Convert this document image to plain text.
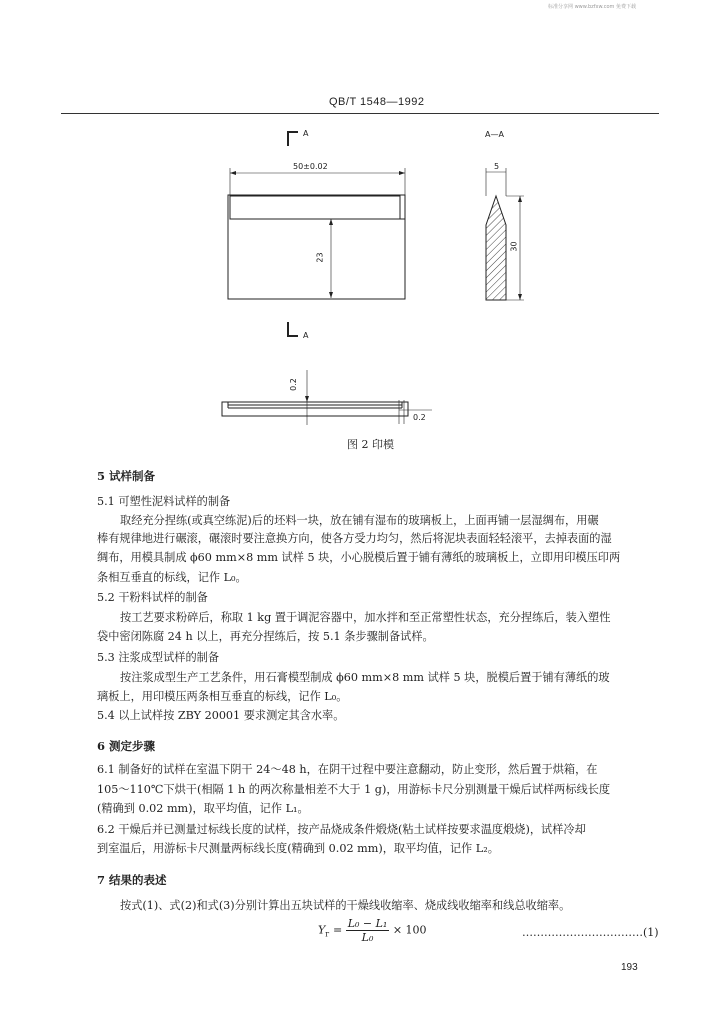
标准分享网 www.bzfxw.com 免费下载
QB/T 1548—1992
A
A
A—A
50±0.02
23
5
30
0.2
0.2
图 2 印模
5 试样制备
5.1 可塑性泥料试样的制备
取经充分捏练(或真空练泥)后的坯料一块，放在铺有湿布的玻璃板上，上面再铺一层湿绸布，用碾
棒有规律地进行碾滚，碾滚时要注意换方向，使各方受力均匀，然后将泥块表面轻轻滚平，去掉表面的湿
绸布，用模具制成 ϕ60 mm×8 mm 试样 5 块，小心脱模后置于铺有薄纸的玻璃板上，立即用印模压印两
条相互垂直的标线，记作 L₀。
5.2 干粉料试样的制备
按工艺要求粉碎后，称取 1 kg 置于调泥容器中，加水拌和至正常塑性状态，充分捏练后，装入塑性
袋中密闭陈腐 24 h 以上，再充分捏练后，按 5.1 条步骤制备试样。
5.3 注浆成型试样的制备
按注浆成型生产工艺条件，用石膏模型制成 ϕ60 mm×8 mm 试样 5 块，脱模后置于铺有薄纸的玻
璃板上，用印模压两条相互垂直的标线，记作 L₀。
5.4 以上试样按 ZBY 20001 要求测定其含水率。
6 测定步骤
6.1 制备好的试样在室温下阴干 24～48 h，在阴干过程中要注意翻动，防止变形，然后置于烘箱，在
105～110℃下烘干(相隔 1 h 的两次称量相差不大于 1 g)，用游标卡尺分别测量干燥后试样两标线长度
(精确到 0.02 mm)，取平均值，记作 L₁。
6.2 干燥后并已测量过标线长度的试样，按产品烧成条件煅烧(粘土试样按要求温度煅烧)，试样冷却
到室温后，用游标卡尺测量两标线长度(精确到 0.02 mm)，取平均值，记作 L₂。
7 结果的表述
按式(1)、式(2)和式(3)分别计算出五块试样的干燥线收缩率、烧成线收缩率和线总收缩率。
$Y_г = \frac{\text{L₀ − L₁}}{\text{L₀}} \times 100$	……………………………(1)
193
